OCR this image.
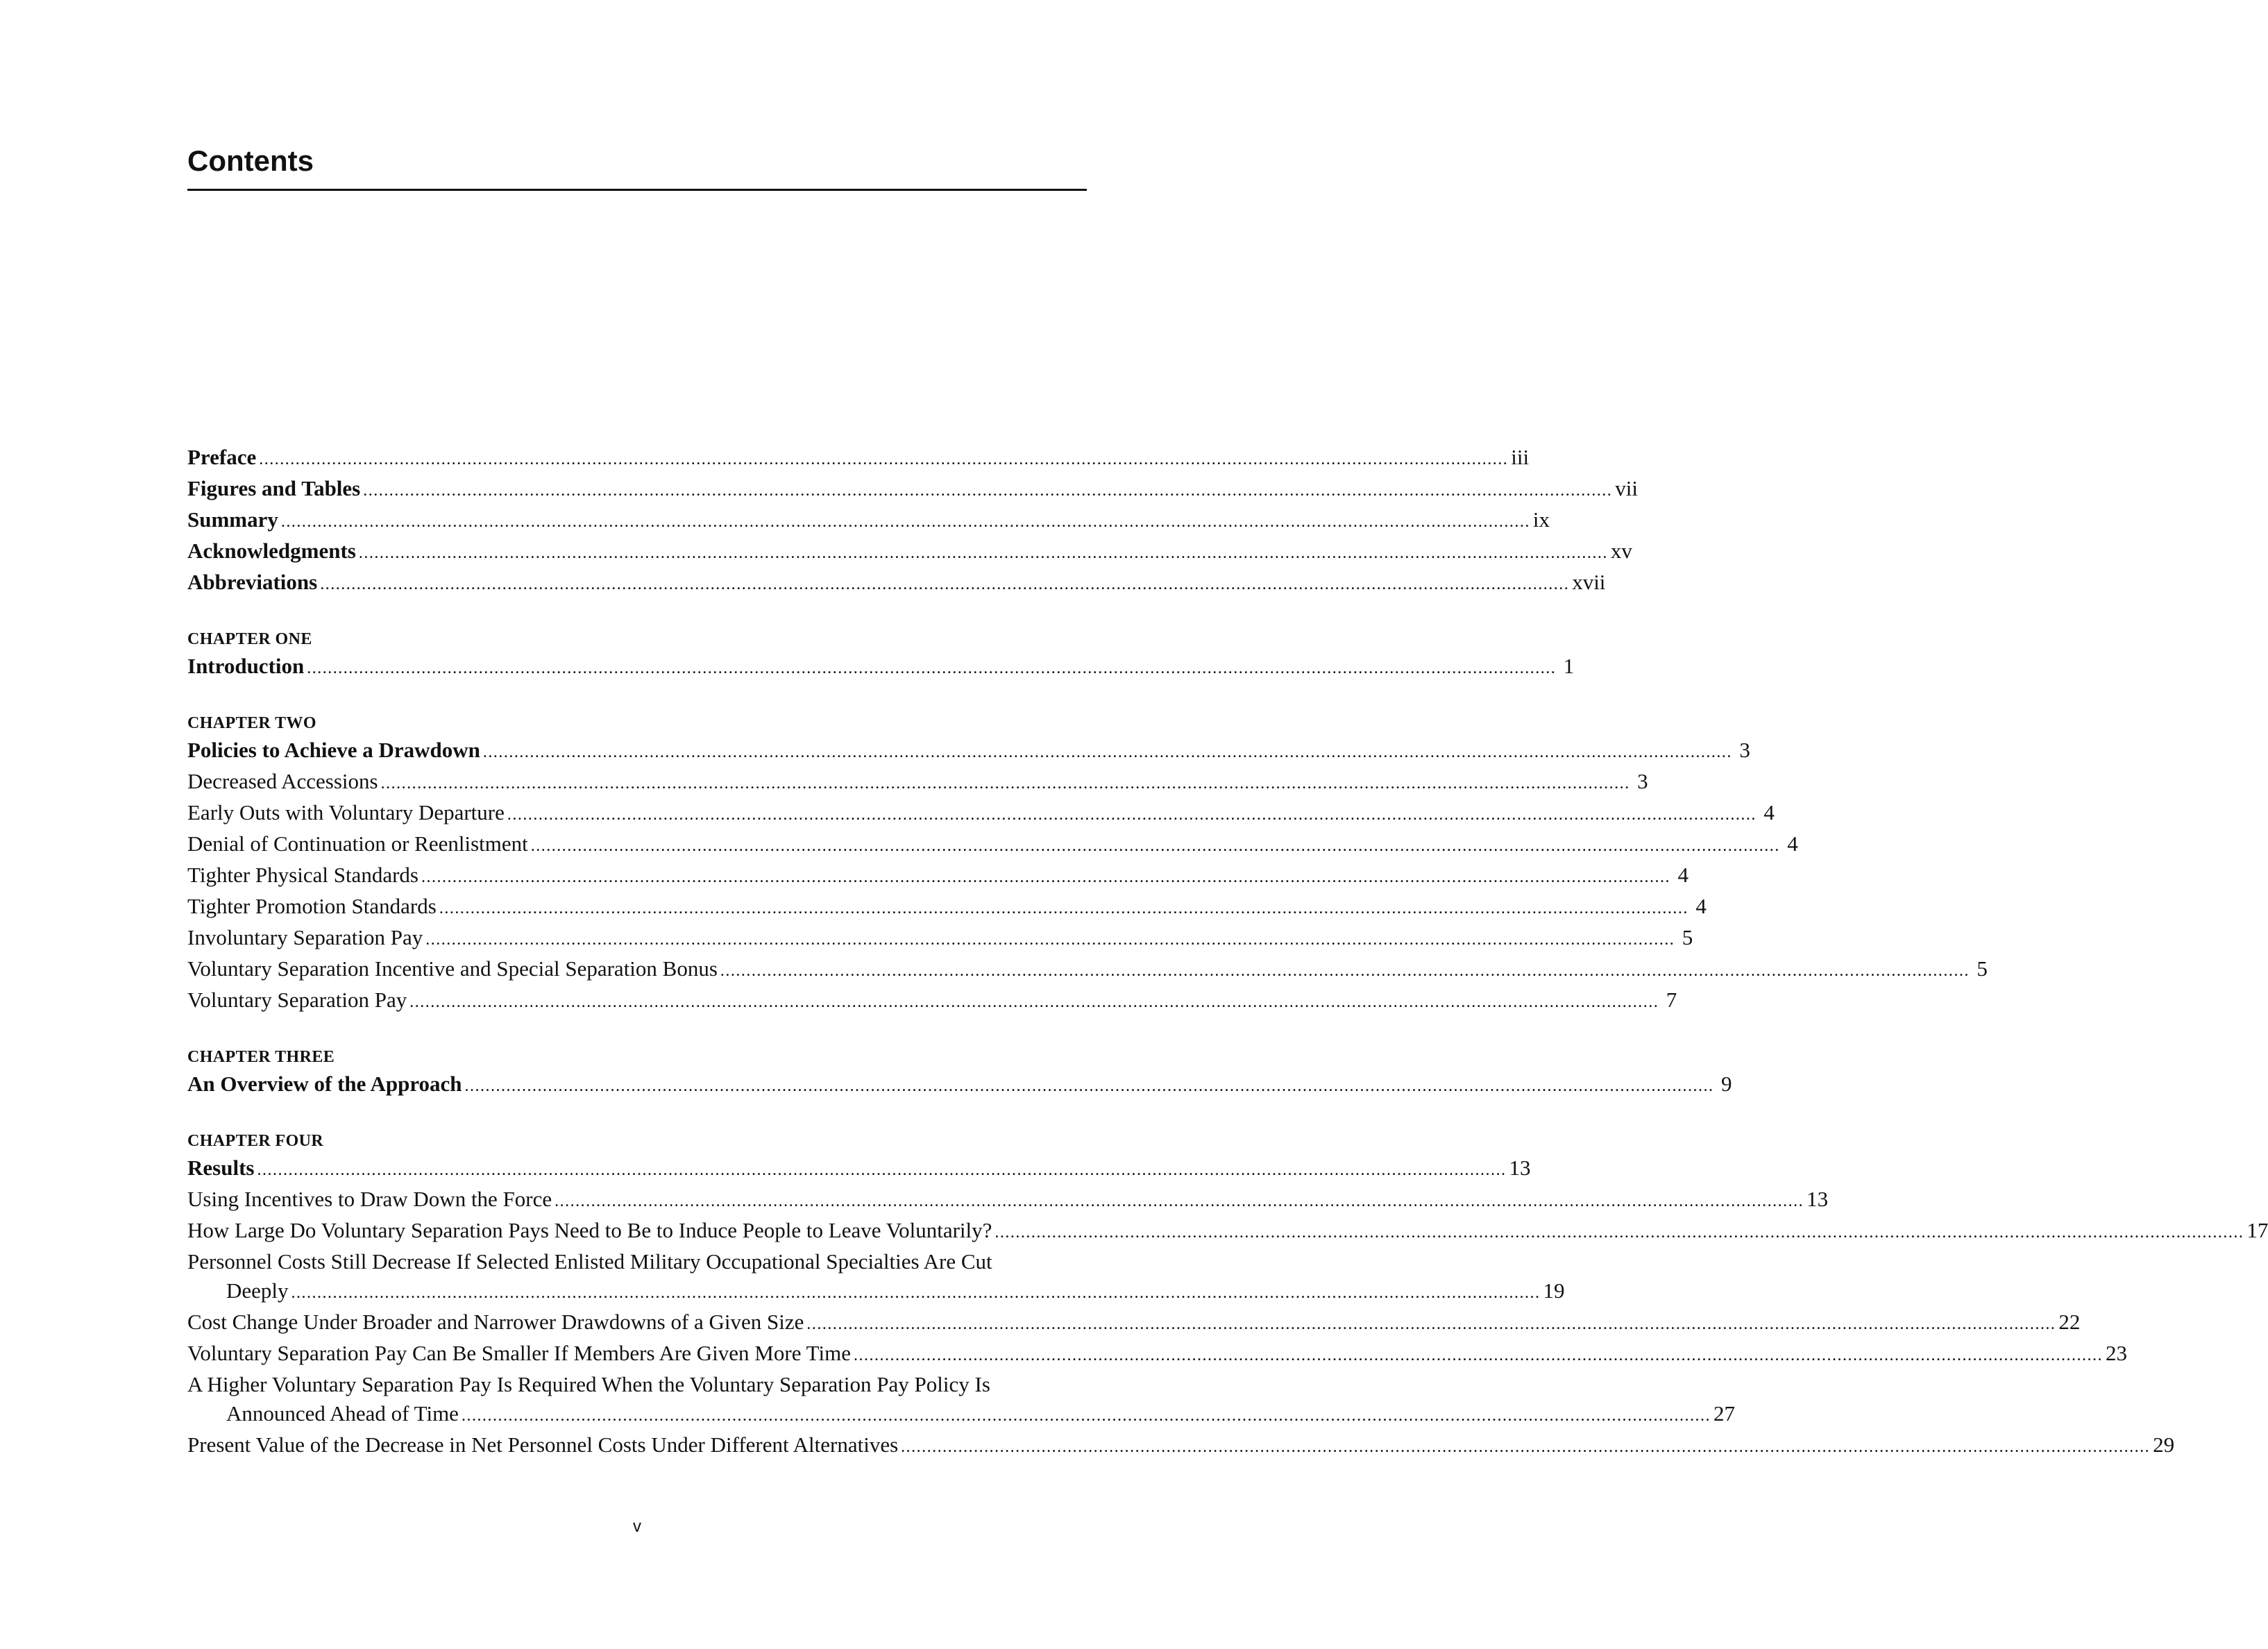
Contents
Preface .....	iii
Figures and Tables .....	vii
Summary .....	ix
Acknowledgments .....	xv
Abbreviations .....	xvii
CHAPTER ONE
Introduction .....	1
CHAPTER TWO
Policies to Achieve a Drawdown .....	3
Decreased Accessions .....	3
Early Outs with Voluntary Departure .....	4
Denial of Continuation or Reenlistment .....	4
Tighter Physical Standards .....	4
Tighter Promotion Standards .....	4
Involuntary Separation Pay .....	5
Voluntary Separation Incentive and Special Separation Bonus .....	5
Voluntary Separation Pay .....	7
CHAPTER THREE
An Overview of the Approach .....	9
CHAPTER FOUR
Results .....	13
Using Incentives to Draw Down the Force .....	13
How Large Do Voluntary Separation Pays Need to Be to Induce People to Leave Voluntarily? .....	17
Personnel Costs Still Decrease If Selected Enlisted Military Occupational Specialties Are Cut
Deeply .....	19
Cost Change Under Broader and Narrower Drawdowns of a Given Size .....	22
Voluntary Separation Pay Can Be Smaller If Members Are Given More Time .....	23
A Higher Voluntary Separation Pay Is Required When the Voluntary Separation Pay Policy Is
Announced Ahead of Time .....	27
Present Value of the Decrease in Net Personnel Costs Under Different Alternatives .....	29
v
